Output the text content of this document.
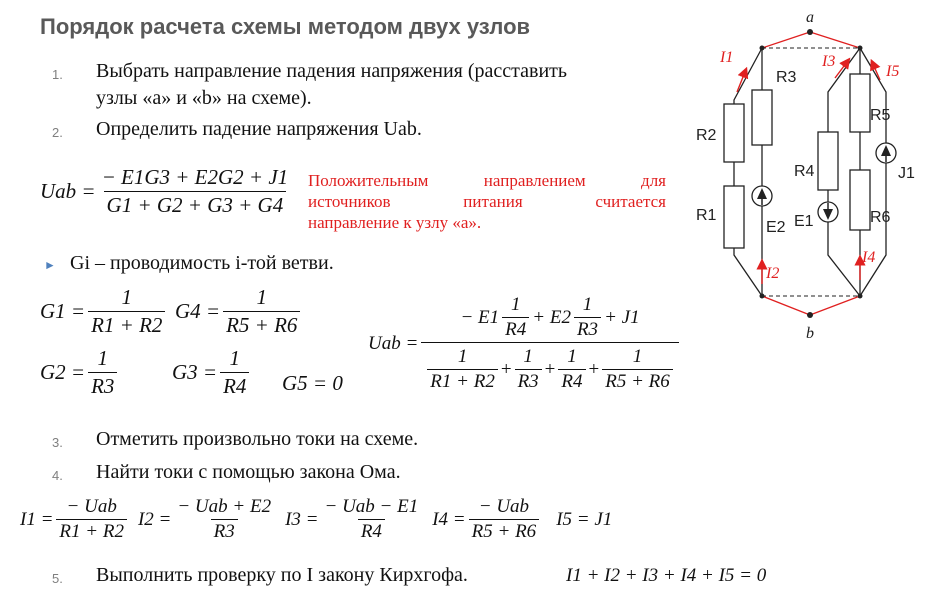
Порядок расчета схемы методом двух узлов
1. Выбрать направление падения напряжения (расставить
узлы «a» и «b» на схеме).
2. Определить падение напряжения Uab.
Uab = $\frac{- E1G3 + E2G2 + J1}{G1 + G2 + G3 + G4}$ Положительным направлением для
источников питания считается
направление к узлу «a».
► Gi – проводимость i-той ветви.
$G1 = \frac{1}{R1 + R2} G4 = \frac{1}{R5 + R6}$
$G2 = \frac{1}{R3}$	$G3 = \frac{1}{R4} G5 = 0$
Uab =
− $E1 \frac{1}{R4} + E2 \frac{1}{R3} + J1$
$\frac{1}{R1 + R2} + \frac{1}{R3} + \frac{1}{R4} + \frac{1}{R5 + R6}$
3. Отметить произвольно токи на схеме.
4. Найти токи с помощью закона Ома.
$I1 = \frac{\text{− Uab}}{R1 + R2} I2 = \frac{\text{− Uab + E2}}{R3} I3 = \frac{\text{− Uab − E1}}{R4} I4 = \frac{\text{− Uab}}{R5 + R6} I5 = J1$
5. Выполнить проверку по I закону Кирхгофа.	I1 + I2 + I3 + I4 + I5 = 0
a
b
R2
R1
R3
R4
R5
R6
E2 E1
J1
I1
I2
I3
I4
I5
